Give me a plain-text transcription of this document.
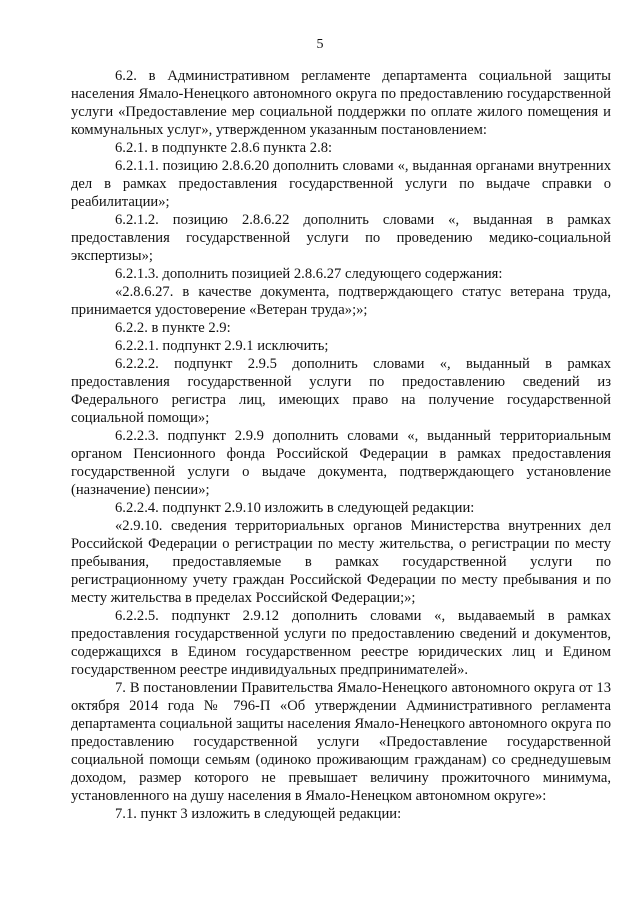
5

6.2. в Административном регламенте департамента социальной защиты населения Ямало-Ненецкого автономного округа по предоставлению государственной услуги «Предоставление мер социальной поддержки по оплате жилого помещения и коммунальных услуг», утвержденном указанным постановлением:

6.2.1. в подпункте 2.8.6 пункта 2.8:

6.2.1.1. позицию 2.8.6.20 дополнить словами «, выданная органами внутренних дел в рамках предоставления государственной услуги по выдаче справки о реабилитации»;

6.2.1.2. позицию 2.8.6.22 дополнить словами «, выданная в рамках предоставления государственной услуги по проведению медико-социальной экспертизы»;

6.2.1.3. дополнить позицией 2.8.6.27 следующего содержания:

«2.8.6.27. в качестве документа, подтверждающего статус ветерана труда, принимается удостоверение «Ветеран труда»;»;

6.2.2. в пункте 2.9:

6.2.2.1. подпункт 2.9.1 исключить;

6.2.2.2. подпункт 2.9.5 дополнить словами «, выданный в рамках предоставления государственной услуги по предоставлению сведений из Федерального регистра лиц, имеющих право на получение государственной социальной помощи»;

6.2.2.3. подпункт 2.9.9 дополнить словами «, выданный территориальным органом Пенсионного фонда Российской Федерации в рамках предоставления государственной услуги о выдаче документа, подтверждающего установление (назначение) пенсии»;

6.2.2.4. подпункт 2.9.10 изложить в следующей редакции:

«2.9.10. сведения территориальных органов Министерства внутренних дел Российской Федерации о регистрации по месту жительства, о регистрации по месту пребывания, предоставляемые в рамках государственной услуги по регистрационному учету граждан Российской Федерации по месту пребывания и по месту жительства в пределах Российской Федерации;»;

6.2.2.5. подпункт 2.9.12 дополнить словами «, выдаваемый в рамках предоставления государственной услуги по предоставлению сведений и документов, содержащихся в Едином государственном реестре юридических лиц и Едином государственном реестре индивидуальных предпринимателей».

7. В постановлении Правительства Ямало-Ненецкого автономного округа от 13 октября 2014 года № 796-П «Об утверждении Административного регламента департамента социальной защиты населения Ямало-Ненецкого автономного округа по предоставлению государственной услуги «Предоставление государственной социальной помощи семьям (одиноко проживающим гражданам) со среднедушевым доходом, размер которого не превышает величину прожиточного минимума, установленного на душу населения в Ямало-Ненецком автономном округе»:

7.1. пункт 3 изложить в следующей редакции:
